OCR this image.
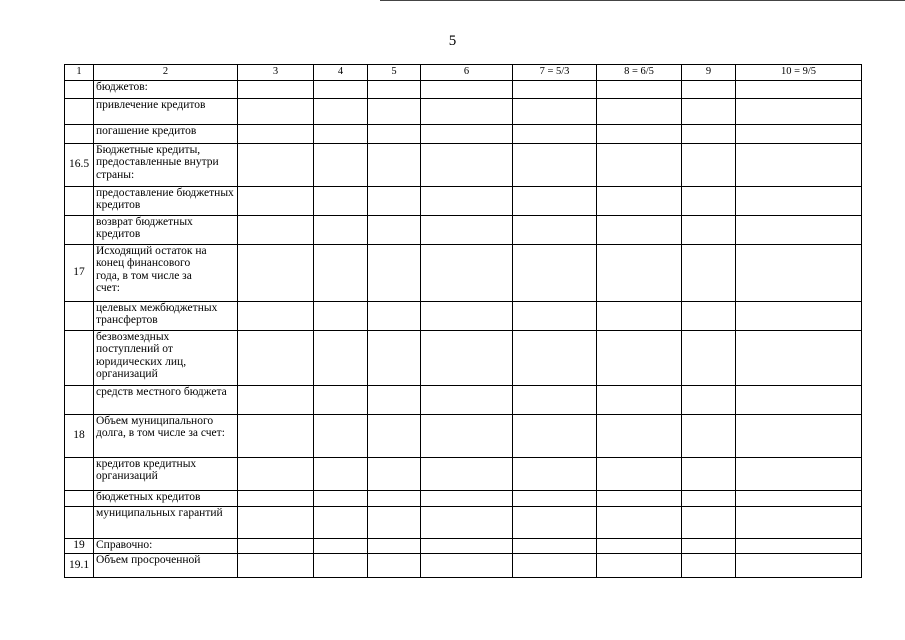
5
1	2	3	4	5	6	7 = 5/3	8 = 6/5	9	10 = 9/5

	бюджетов:								

	привлечение кредитов								

	погашение кредитов								

16.5	Бюджетные кредиты, предоставленные внутри страны:								

	предоставление бюджетных кредитов								

	возврат бюджетных кредитов								

17	Исходящий остаток на конец финансового года, в том числе за счет:								

	целевых межбюджетных трансфертов								

	безвозмездных поступлений от юридических лиц, организаций								

	средств местного бюджета								

18	Объем муниципального долга, в том числе за счет:								

	кредитов кредитных организаций								

	бюджетных кредитов								

	муниципальных гарантий								

19	Справочно:								

19.1	Объем просроченной								
